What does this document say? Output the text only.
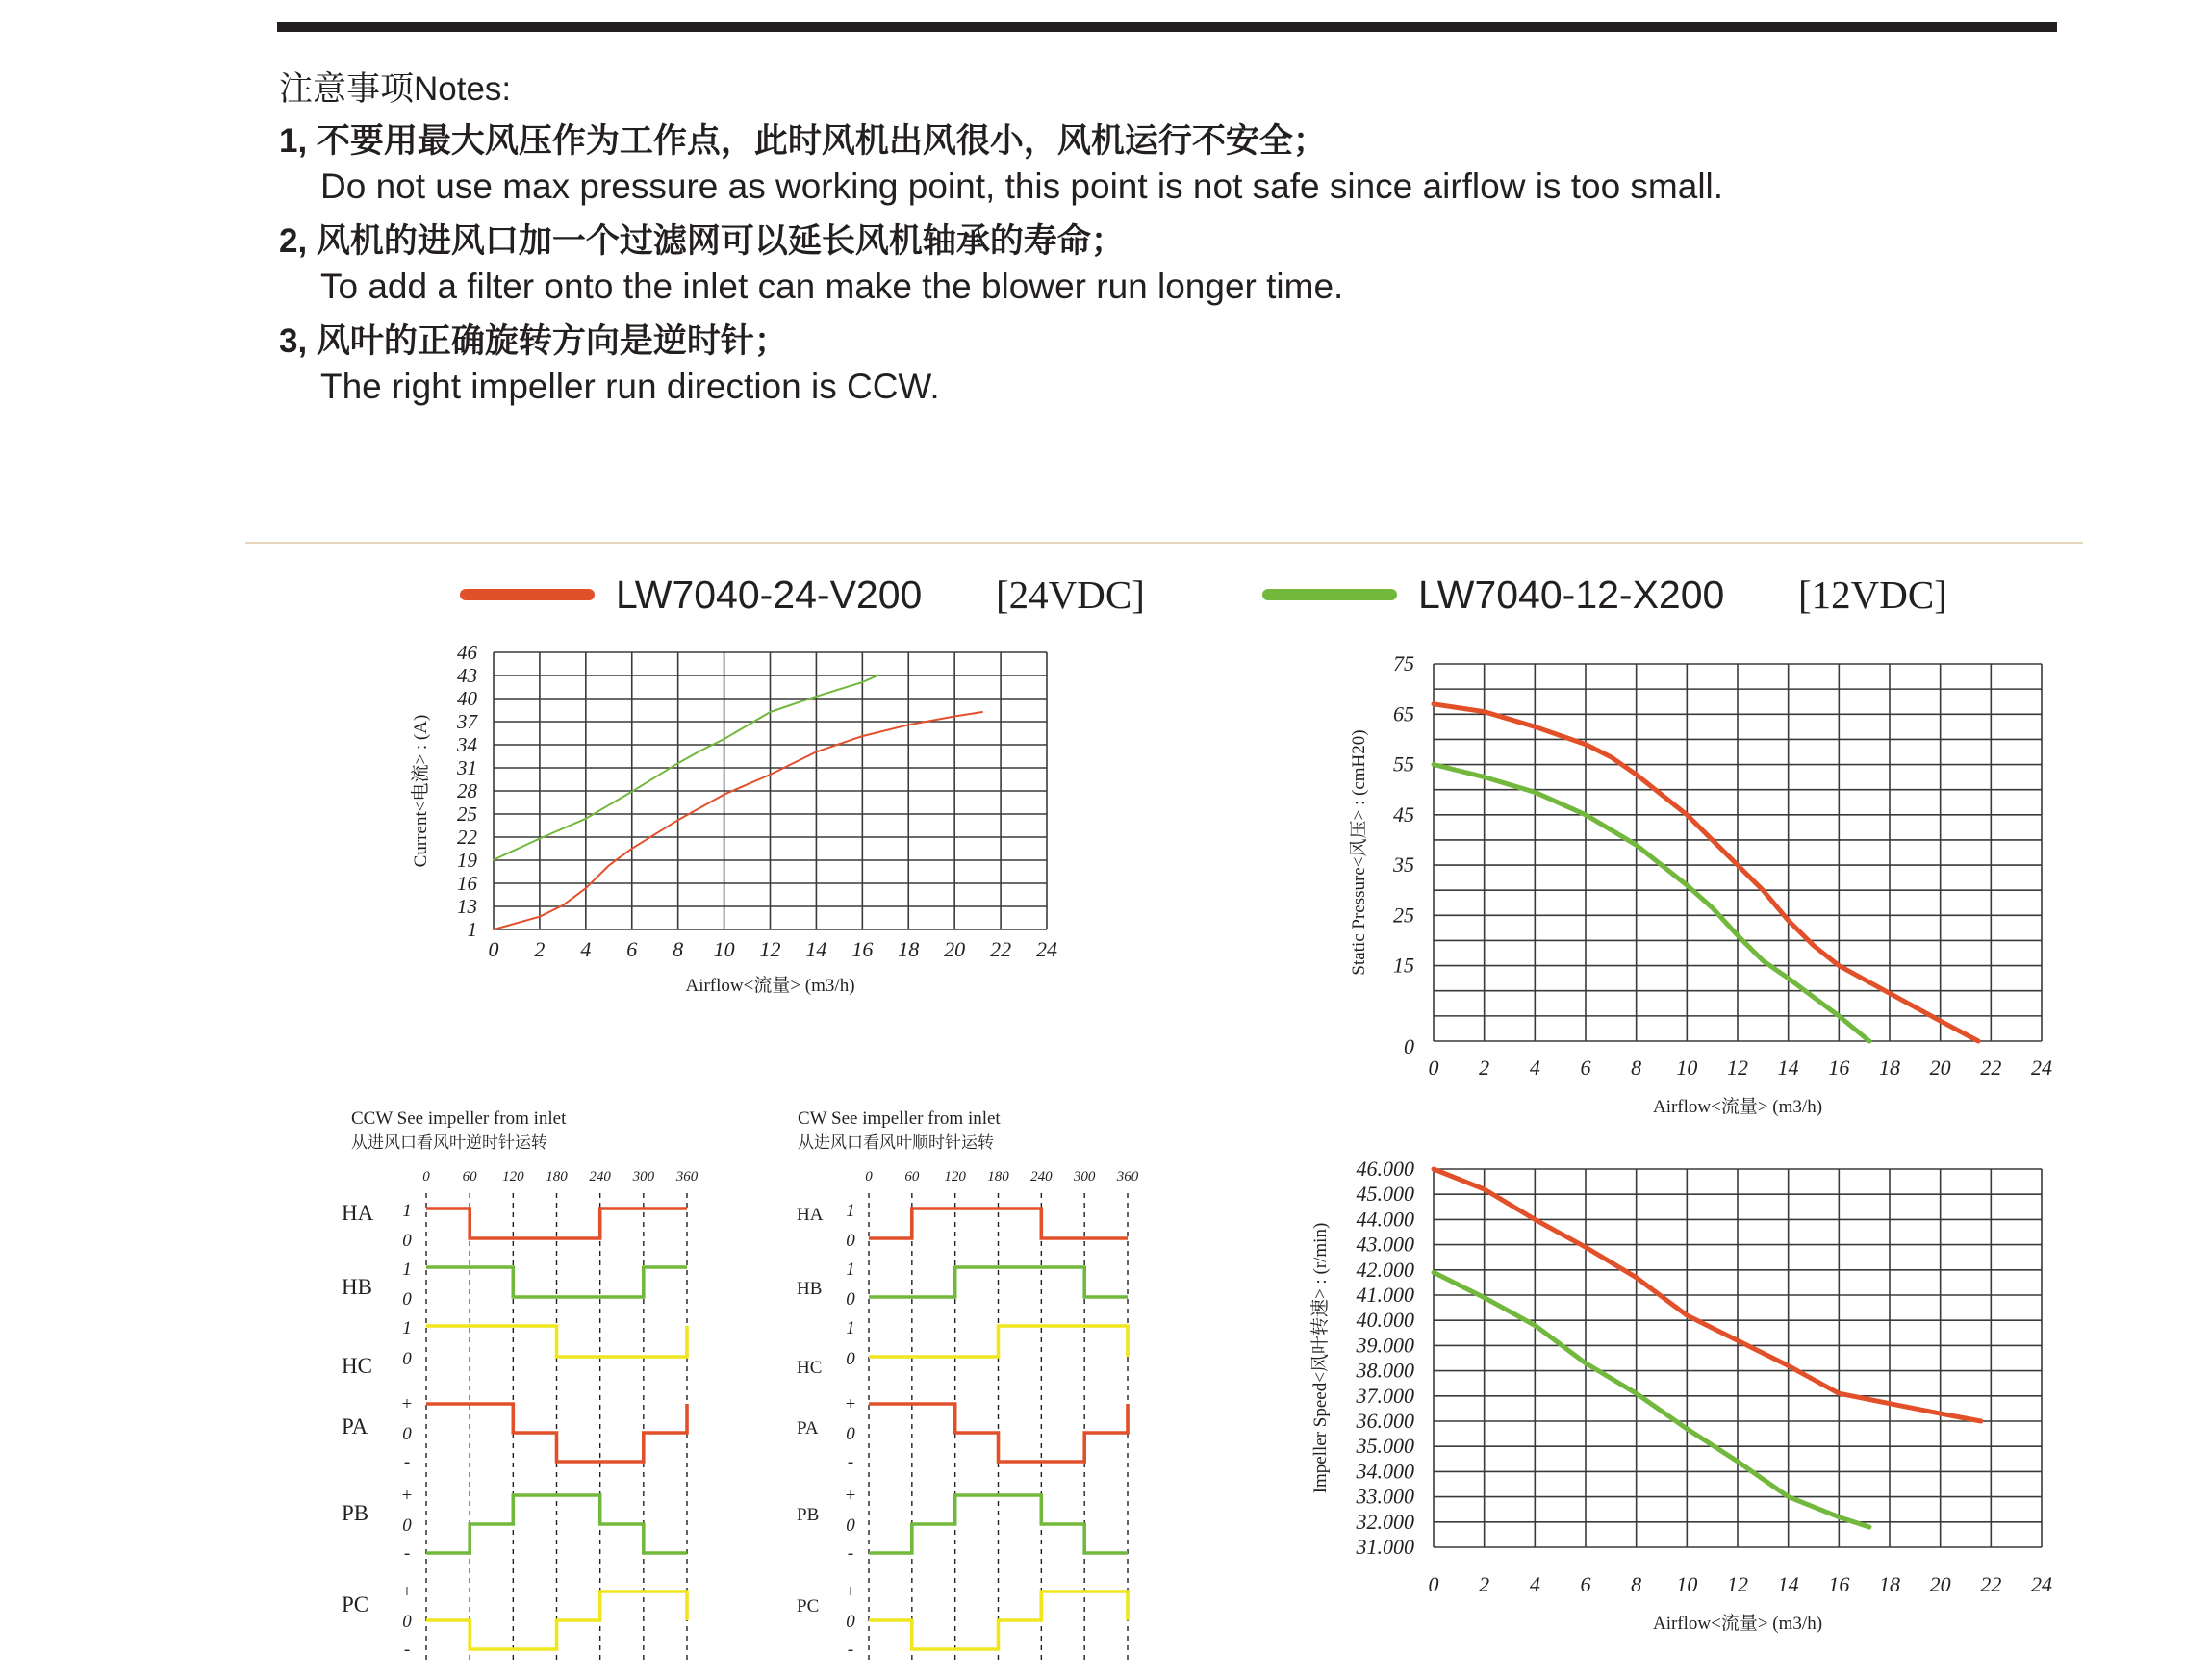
注意事项Notes:
1, 不要用最大风压作为工作点，此时风机出风很小，风机运行不安全；
Do not use max pressure as working point, this point is not safe since airflow is too small.
2, 风机的进风口加一个过滤网可以延长风机轴承的寿命；
To add a filter onto the inlet can make the blower run longer time.
3, 风叶的正确旋转方向是逆时针；
The right impeller run direction is CCW.
LW7040-24-V200	[24VDC]	LW7040-12-X200	[12VDC]
0 2 4 6 8 10 12 14 16 18 20 22 24
1
13
16
19
22
25
28
31
34
37
40
43
46
Airflow<流量> (m3/h)
Current<电流> : (A)
0 2 4 6 8 10 12 14 16 18 20 22 24
0
15
25
35
45
55
65
75
Airflow<流量> (m3/h)
Static Pressure<风压> : (cmH20)
0 2 4 6 8 10 12 14 16 18 20 22 24
31.000
32.000
33.000
34.000
35.000
36.000
37.000
38.000
39.000
40.000
41.000
42.000
43.000
44.000
45.000
46.000
Airflow<流量> (m3/h)
Impeller Speed<风叶转速> : (r/min)
CCW See impeller from inlet
从进风口看风叶逆时针运转
0 60 120 180 240 300 360
HA 1
0
HB
1
0
HC
1
0
PA
+
0
-
PB
+
0
-
PC
+
0
-
CW See impeller from inlet
从进风口看风叶顺时针运转
0 60 120 180 240 300 360
HA 1
0
HB
1
0
HC
1
0
PA
+
0
-
PB
+
0
-
PC
+
0
-
